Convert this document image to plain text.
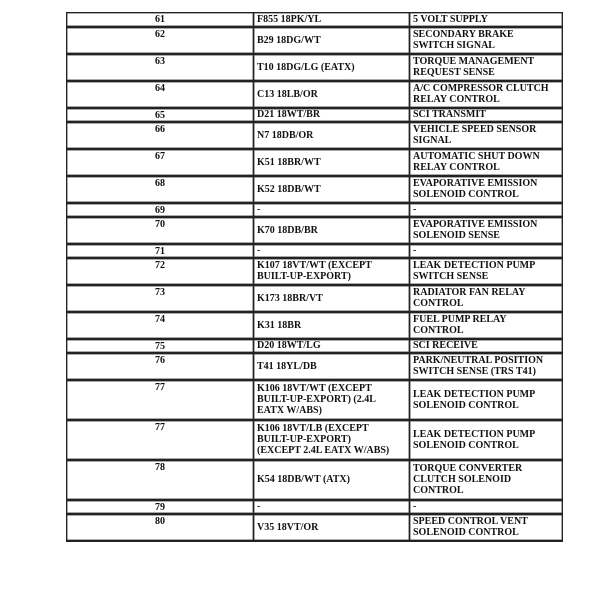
61	F855 18PK/YL	5 VOLT SUPPLY
62	B29 18DG/WT	SECONDARY BRAKE
SWITCH SIGNAL
63	T10 18DG/LG (EATX)	TORQUE MANAGEMENT
REQUEST SENSE
64	C13 18LB/OR	A/C COMPRESSOR CLUTCH
RELAY CONTROL
65	D21 18WT/BR	SCI TRANSMIT
66	N7 18DB/OR	VEHICLE SPEED SENSOR
SIGNAL
67	K51 18BR/WT	AUTOMATIC SHUT DOWN
RELAY CONTROL
68	K52 18DB/WT	EVAPORATIVE EMISSION
SOLENOID CONTROL
69	-	-
70	K70 18DB/BR	EVAPORATIVE EMISSION
SOLENOID SENSE
71	-	-
72	K107 18VT/WT (EXCEPT
BUILT-UP-EXPORT)	LEAK DETECTION PUMP
SWITCH SENSE
73	K173 18BR/VT	RADIATOR FAN RELAY
CONTROL
74	K31 18BR	FUEL PUMP RELAY
CONTROL
75	D20 18WT/LG	SCI RECEIVE
76	T41 18YL/DB	PARK/NEUTRAL POSITION
SWITCH SENSE (TRS T41)
77	K106 18VT/WT (EXCEPT
BUILT-UP-EXPORT) (2.4L
EATX W/ABS)	LEAK DETECTION PUMP
SOLENOID CONTROL
77	K106 18VT/LB (EXCEPT
BUILT-UP-EXPORT)
(EXCEPT 2.4L EATX W/ABS)	LEAK DETECTION PUMP
SOLENOID CONTROL
78	K54 18DB/WT (ATX)	TORQUE CONVERTER
CLUTCH SOLENOID
CONTROL
79	-	-
80	V35 18VT/OR	SPEED CONTROL VENT
SOLENOID CONTROL
